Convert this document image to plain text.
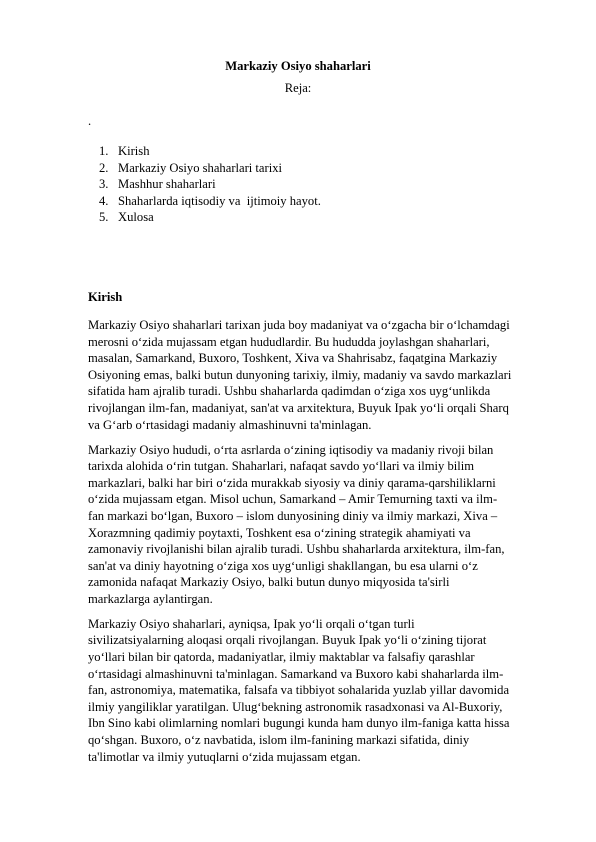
Markaziy Osiyo shaharlari
Reja:
.
1. Kirish
2. Markaziy Osiyo shaharlari tarixi
3. Mashhur shaharlari
4. Shaharlarda iqtisodiy va  ijtimoiy hayot.
5. Xulosa
Kirish

Markaziy Osiyo shaharlari tarixan juda boy madaniyat va o‘zgacha bir o‘lchamdagi merosni o‘zida mujassam etgan hududlardir. Bu hududda joylashgan shaharlari, masalan, Samarkand, Buxoro, Toshkent, Xiva va Shahrisabz, faqatgina Markaziy Osiyoning emas, balki butun dunyoning tarixiy, ilmiy, madaniy va savdo markazlari sifatida ham ajralib turadi. Ushbu shaharlarda qadimdan o‘ziga xos uyg‘unlikda rivojlangan ilm-fan, madaniyat, san'at va arxitektura, Buyuk Ipak yo‘li orqali Sharq va G‘arb o‘rtasidagi madaniy almashinuvni ta'minlagan.

Markaziy Osiyo hududi, o‘rta asrlarda o‘zining iqtisodiy va madaniy rivoji bilan tarixda alohida o‘rin tutgan. Shaharlari, nafaqat savdo yo‘llari va ilmiy bilim markazlari, balki har biri o‘zida murakkab siyosiy va diniy qarama-qarshiliklarni o‘zida mujassam etgan. Misol uchun, Samarkand – Amir Temurning taxti va ilm-fan markazi bo‘lgan, Buxoro – islom dunyosining diniy va ilmiy markazi, Xiva – Xorazmning qadimiy poytaxti, Toshkent esa o‘zining strategik ahamiyati va zamonaviy rivojlanishi bilan ajralib turadi. Ushbu shaharlarda arxitektura, ilm-fan, san'at va diniy hayotning o‘ziga xos uyg‘unligi shakllangan, bu esa ularni o‘z zamonida nafaqat Markaziy Osiyo, balki butun dunyo miqyosida ta'sirli markazlarga aylantirgan.

Markaziy Osiyo shaharlari, ayniqsa, Ipak yo‘li orqali o‘tgan turli sivilizatsiyalarning aloqasi orqali rivojlangan. Buyuk Ipak yo‘li o‘zining tijorat yo‘llari bilan bir qatorda, madaniyatlar, ilmiy maktablar va falsafiy qarashlar o‘rtasidagi almashinuvni ta'minlagan. Samarkand va Buxoro kabi shaharlarda ilm-fan, astronomiya, matematika, falsafa va tibbiyot sohalarida yuzlab yillar davomida ilmiy yangiliklar yaratilgan. Ulug‘bekning astronomik rasadxonasi va Al-Buxoriy, Ibn Sino kabi olimlarning nomlari bugungi kunda ham dunyo ilm-faniga katta hissa qo‘shgan. Buxoro, o‘z navbatida, islom ilm-fanining markazi sifatida, diniy ta'limotlar va ilmiy yutuqlarni o‘zida mujassam etgan.
